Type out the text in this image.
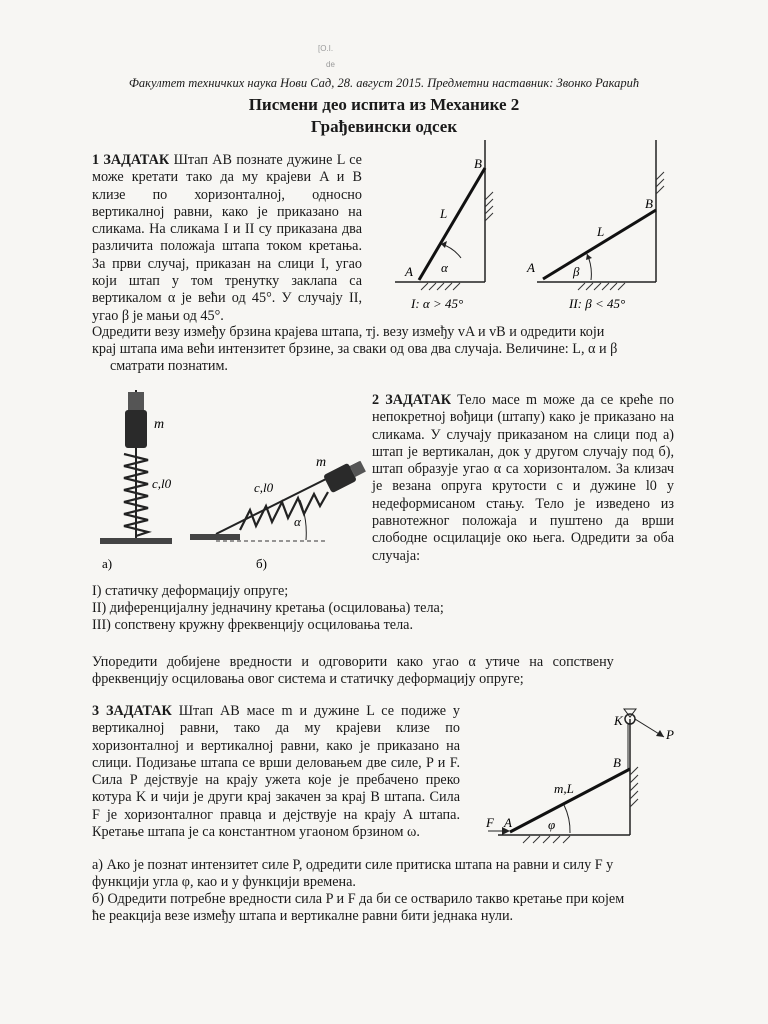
[O.I.
de
Факултет техничких наука Нови Сад, 28. август 2015. Предметни наставник: Звонко Ракарић
Писмени део испита из Механике 2
Грађевински одсек
1 ЗАДАТАК Штап AB познате дужине L се може кретати тако да му крајеви A и B клизе по хоризонталној, односно вертикалној равни, како је приказано на сликама. На сликама I и II су приказана два различита положаја штапа током кретања. За први случај, приказан на слици I, угао који штап у том тренутку заклапа са вертикалом α је већи од 45°. У случају II, угао β је мањи од 45°.
A
B
L
α
I: α > 45°
A
B
L
β
II: β < 45°
Одредити везу између брзина крајева штапа, тј. везу између vA и vB и одредити који
крај штапа има већи интензитет брзине, за сваки од ова два случаја. Величине: L, α и β
сматрати познатим.
m
c,l0
а)
m
c,l0
α
б)
2 ЗАДАТАК Тело масе m може да се креће по непокретној вођици (штапу) како је приказано на сликама. У случају приказаном на слици под а) штап је вертикалан, док у другом случају под б), штап образује угао α са хоризонталом. За клизач је везана опруга крутости c и дужине l0 у недеформисаном стању. Тело је изведено из равнотежног положаја и пуштено да врши слободне осцилације око њега. Одредити за оба случаја:
I) статичку деформацију опруге;
II) диференцијалну једначину кретања (осциловања) тела;
III) сопствену кружну фреквенцију осциловања тела.
Упоредити добијене вредности и одговорити како угао α утиче на сопствену
фреквенцију осциловања овог система и статичку деформацију опруге;
3 ЗАДАТАК Штап AB масе m и дужине L се подиже у вертикалној равни, тако да му крајеви клизе по хоризонталној и вертикалној равни, како је приказано на слици. Подизање штапа се врши деловањем две силе, P и F. Сила P дејствује на крају ужета које је пребачено преко котура K и чији је други крај закачен за крај B штапа. Сила F је хоризонталног правца и дејствује на крају A штапа. Кретање штапа је са константном угаоном брзином ω.
K
P
B
m,L
F A	φ
а) Ако је познат интензитет силе P, одредити силе притиска штапа на равни и силу F у
функцији угла φ, као и у функцији времена.
б) Одредити потребне вредности сила P и F да би се остварило такво кретање при којем
ће реакција везе између штапа и вертикалне равни бити једнака нули.
